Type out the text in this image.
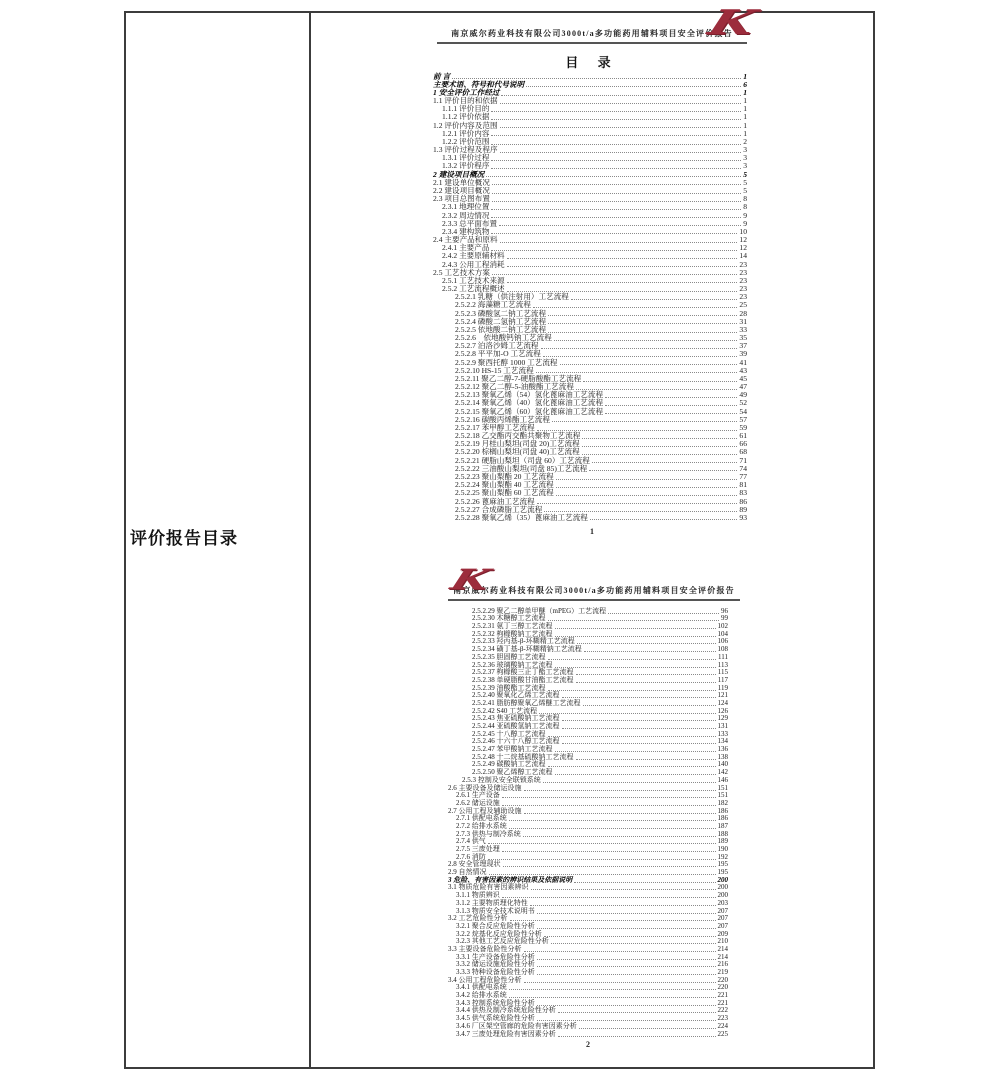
评价报告目录
K
南京威尔药业科技有限公司3000t/a多功能药用辅料项目安全评价报告
目 录
前 言	1
主要术语、符号和代号说明	6
1 安全评价工作经过	1
1.1 评价目的和依据	1
1.1.1 评价目的	1
1.1.2 评价依据	1
1.2 评价内容及范围	1
1.2.1 评价内容	1
1.2.2 评价范围	2
1.3 评价过程及程序	3
1.3.1 评价过程	3
1.3.2 评价程序	3
2 建设项目概况	5
2.1 建设单位概况	5
2.2 建设项目概况	5
2.3 项目总图布置	8
2.3.1 地理位置	8
2.3.2 周边情况	9
2.3.3 总平面布置	9
2.3.4 建构筑物	10
2.4 主要产品和原料	12
2.4.1 主要产品	12
2.4.2 主要原辅材料	14
2.4.3 公用工程消耗	23
2.5 工艺技术方案	23
2.5.1 工艺技术来源	23
2.5.2 工艺流程概述	23
2.5.2.1 乳糖（供注射用）工艺流程	23
2.5.2.2 海藻糖工艺流程	25
2.5.2.3 磷酸氢二钠工艺流程	28
2.5.2.4 磷酸二氢钠工艺流程	31
2.5.2.5 依地酸二钠工艺流程	33
2.5.2.6　依地酸钙钠工艺流程	35
2.5.2.7 泊洛沙姆工艺流程	37
2.5.2.8 平平加-O 工艺流程	39
2.5.2.9 聚西托醇 1000 工艺流程	41
2.5.2.10 HS-15 工艺流程	43
2.5.2.11 聚乙二醇-7-硬脂酸酯工艺流程	45
2.5.2.12 聚乙二醇-5-油酸酯工艺流程	47
2.5.2.13 聚氧乙烯（54）氢化蓖麻油工艺流程	49
2.5.2.14 聚氧乙烯（40）氢化蓖麻油工艺流程	52
2.5.2.15 聚氧乙烯（60）氢化蓖麻油工艺流程	54
2.5.2.16 碳酸丙烯酯工艺流程	57
2.5.2.17 苯甲醇工艺流程	59
2.5.2.18 乙交酯丙交酯共聚物工艺流程	61
2.5.2.19 月桂山梨坦(司盘 20)工艺流程	66
2.5.2.20 棕榈山梨坦(司盘 40)工艺流程	68
2.5.2.21 硬脂山梨坦（司盘 60）工艺流程	71
2.5.2.22 三油酸山梨坦(司盘 85)工艺流程	74
2.5.2.23 聚山梨酯 20 工艺流程	77
2.5.2.24 聚山梨酯 40 工艺流程	81
2.5.2.25 聚山梨酯 60 工艺流程	83
2.5.2.26 蓖麻油工艺流程	86
2.5.2.27 合成磷脂工艺流程	89
2.5.2.28 聚氧乙烯（35）蓖麻油工艺流程	93
1
K
南京威尔药业科技有限公司3000t/a多功能药用辅料项目安全评价报告
2.5.2.29 聚乙二醇单甲醚（mPEG）工艺流程	96
2.5.2.30 木糖醇工艺流程	99
2.5.2.31 氨丁三醇工艺流程	102
2.5.2.32 枸橼酸钠工艺流程	104
2.5.2.33 羟丙基-β-环糊精工艺流程	106
2.5.2.34 磺丁基-β-环糊精钠工艺流程	108
2.5.2.35 胆固醇工艺流程	111
2.5.2.36 玻璃酸钠工艺流程	113
2.5.2.37 枸橼酸三正丁酯工艺流程	115
2.5.2.38 单硬脂酸甘油酯工艺流程	117
2.5.2.39 油酸酯工艺流程	119
2.5.2.40 聚氧化乙烯工艺流程	121
2.5.2.41 脂肪醇聚氧乙烯醚工艺流程	124
2.5.2.42 S40 工艺流程	126
2.5.2.43 焦亚硫酸钠工艺流程	129
2.5.2.44 亚硫酸氢钠工艺流程	131
2.5.2.45 十八醇工艺流程	133
2.5.2.46 十六十八醇工艺流程	134
2.5.2.47 苯甲酸钠工艺流程	136
2.5.2.48 十二烷基硫酸钠工艺流程	138
2.5.2.49 碳酸钠工艺流程	140
2.5.2.50 聚乙烯醇工艺流程	142
2.5.3 控制及安全联锁系统	146
2.6 主要设备及储运设施	151
2.6.1 生产设备	151
2.6.2 储运设施	182
2.7 公用工程及辅助设施	186
2.7.1 供配电系统	186
2.7.2 给排水系统	187
2.7.3 供热与制冷系统	188
2.7.4 供气	189
2.7.5 三废处理	190
2.7.6 消防	192
2.8 安全管理现状	195
2.9 自然情况	195
3 危险、有害因素的辨识结果及依据说明	200
3.1 物质危险有害因素辨识	200
3.1.1 物质辨识	200
3.1.2 主要物质理化特性	203
3.1.3 物质安全技术说明书	207
3.2 工艺危险性分析	207
3.2.1 聚合反应危险性分析	207
3.2.2 烷基化反应危险性分析	209
3.2.3 其他工艺反应危险性分析	210
3.3 主要设备危险性分析	214
3.3.1 生产设备危险性分析	214
3.3.2 储运设施危险性分析	216
3.3.3 特种设备危险性分析	219
3.4 公用工程危险性分析	220
3.4.1 供配电系统	220
3.4.2 给排水系统	221
3.4.3 控制系统危险性分析	221
3.4.4 供热及制冷系统危险性分析	222
3.4.5 供气系统危险性分析	223
3.4.6 厂区架空管廊的危险有害因素分析	224
3.4.7 三废处理危险有害因素分析	225
2
